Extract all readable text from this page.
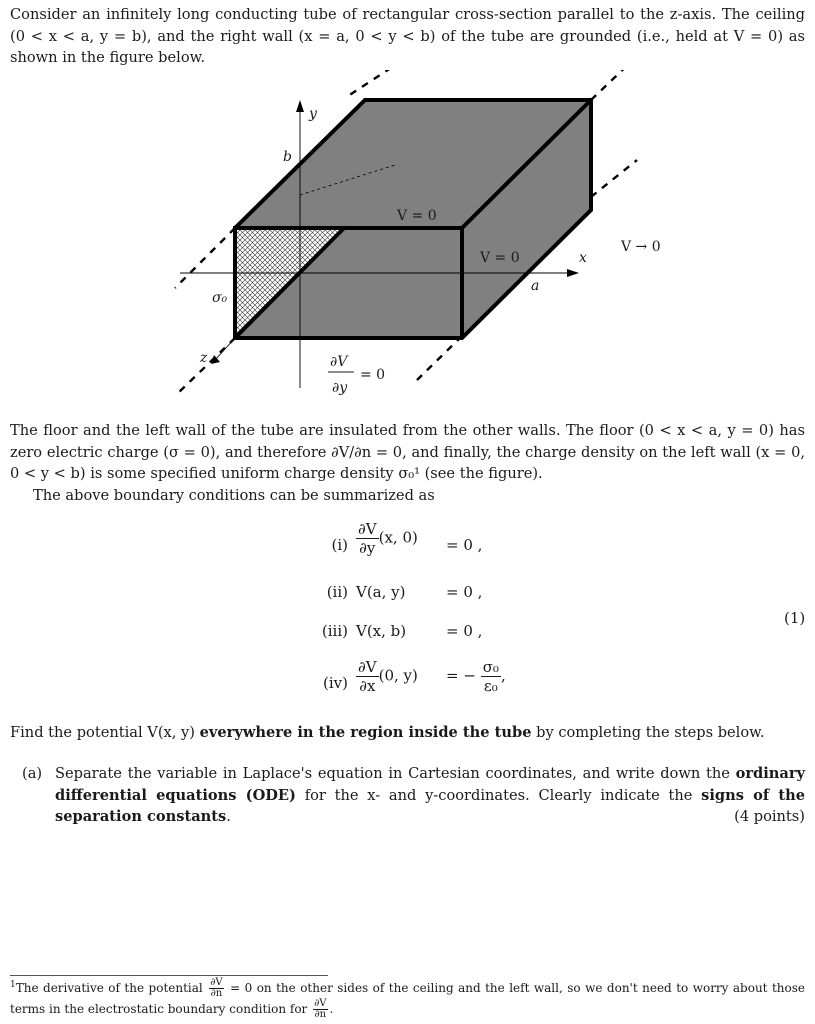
Consider an infinitely long conducting tube of rectangular cross-section parallel to the z-axis. The ceiling (0 < x < a, y = b), and the right wall (x = a, 0 < y < b) of the tube are grounded (i.e., held at V = 0) as shown in the figure below.
y
b
x
a
z
V = 0
V = 0
V → 0
σ₀
∂V
∂y
= 0
The floor and the left wall of the tube are insulated from the other walls. The floor (0 < x < a, y = 0) has zero electric charge (σ = 0), and therefore ∂V/∂n = 0, and finally, the charge density on the left wall (x = 0, 0 < y < b) is some specified uniform charge density σ₀¹ (see the figure).
The above boundary conditions can be summarized as
$(i) \frac{\partial V}{\partial y} (x$, 0) = 0 ,
(ii) V(a, y)	= 0 ,
(iii) V(x, b)	= 0 ,
$(iv) \frac{\partial V}{\partial x} (0$, y) = − $\frac{\text{σ₀}}{\text{ε₀}}$ ,
(1)
Find the potential V(x, y) everywhere in the region inside the tube by completing the steps below.
(a) Separate the variable in Laplace's equation in Cartesian coordinates, and write down the ordinary differential equations (ODE) for the x- and y-coordinates. Clearly indicate the signs of the separation constants.	(4 points)
$^1$The derivative of the potential $\frac{\partial V}{\partial n} = 0$ on the other sides of the ceiling and the left wall, so we don't need to worry about those terms in the electrostatic boundary condition for $\frac{\partial V}{\partial n}$ .
